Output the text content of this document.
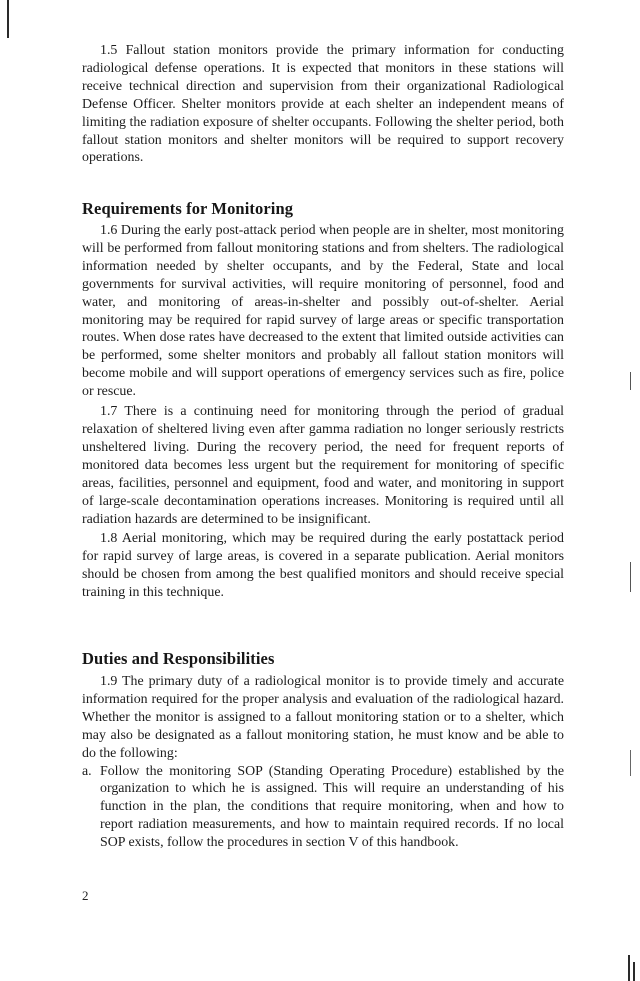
1.5 Fallout station monitors provide the primary information for conducting radiological defense operations. It is expected that monitors in these stations will receive technical direction and supervision from their organizational Radiological Defense Officer. Shelter monitors provide at each shelter an independent means of limiting the radiation exposure of shelter occupants. Following the shelter period, both fallout station monitors and shelter monitors will be required to support recovery operations.

Requirements for Monitoring

1.6 During the early post-attack period when people are in shelter, most monitoring will be performed from fallout monitoring stations and from shelters. The radiological information needed by shelter occupants, and by the Federal, State and local governments for survival activities, will require monitoring of personnel, food and water, and monitoring of areas-in-shelter and possibly out-of-shelter. Aerial monitoring may be required for rapid survey of large areas or specific transportation routes. When dose rates have decreased to the extent that limited outside activities can be performed, some shelter monitors and probably all fallout station monitors will become mobile and will support operations of emergency services such as fire, police or rescue.

1.7 There is a continuing need for monitoring through the period of gradual relaxation of sheltered living even after gamma radiation no longer seriously restricts unsheltered living. During the recovery period, the need for frequent reports of monitored data becomes less urgent but the requirement for monitoring of specific areas, facilities, personnel and equipment, food and water, and monitoring in support of large-scale decontamination operations increases. Monitoring is required until all radiation hazards are determined to be insignificant.

1.8 Aerial monitoring, which may be required during the early postattack period for rapid survey of large areas, is covered in a separate publication. Aerial monitors should be chosen from among the best qualified monitors and should receive special training in this technique.

Duties and Responsibilities

1.9 The primary duty of a radiological monitor is to provide timely and accurate information required for the proper analysis and evaluation of the radiological hazard. Whether the monitor is assigned to a fallout monitoring station or to a shelter, which may also be designated as a fallout monitoring station, he must know and be able to do the following:

a. Follow the monitoring SOP (Standing Operating Procedure) established by the organization to which he is assigned. This will require an understanding of his function in the plan, the conditions that require monitoring, when and how to report radiation measurements, and how to maintain required records. If no local SOP exists, follow the procedures in section V of this handbook.

2
